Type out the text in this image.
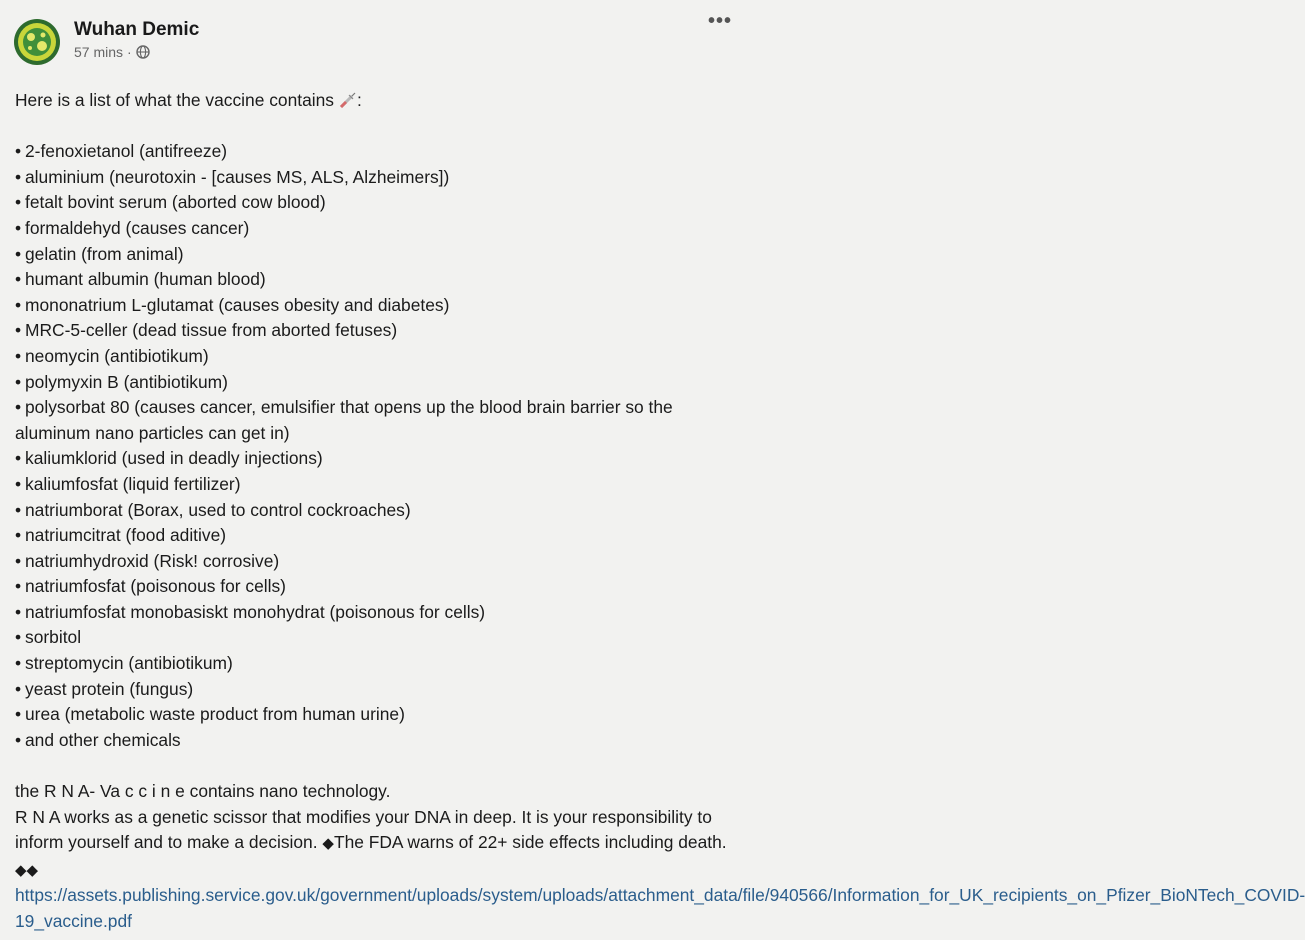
Wuhan Demic
57 mins ·
•••
Here is a list of what the vaccine contains :
• 2-fenoxietanol (antifreeze)
• aluminium (neurotoxin - [causes MS, ALS, Alzheimers])
• fetalt bovint serum (aborted cow blood)
• formaldehyd (causes cancer)
• gelatin (from animal)
• humant albumin (human blood)
• mononatrium L-glutamat (causes obesity and diabetes)
• MRC-5-celler (dead tissue from aborted fetuses)
• neomycin (antibiotikum)
• polymyxin B (antibiotikum)
• polysorbat 80 (causes cancer, emulsifier that opens up the blood brain barrier so the aluminum nano particles can get in)
• kaliumklorid (used in deadly injections)
• kaliumfosfat (liquid fertilizer)
• natriumborat (Borax, used to control cockroaches)
• natriumcitrat (food aditive)
• natriumhydroxid (Risk! corrosive)
• natriumfosfat (poisonous for cells)
• natriumfosfat monobasiskt monohydrat (poisonous for cells)
• sorbitol
• streptomycin (antibiotikum)
• yeast protein (fungus)
• urea (metabolic waste product from human urine)
• and other chemicals

the R N A- Va c c i n e contains nano technology.

R N A works as a genetic scissor that modifies your DNA in deep. It is your responsibility to inform yourself and to make a decision. ◆The FDA warns of 22+ side effects including death.◆◆https://assets.publishing.service.gov.uk/government/uploads/system/uploads/attachment_data/file/940566/Information_for_UK_recipients_on_Pfizer_BioNTech_COVID-19_vaccine.pdf
